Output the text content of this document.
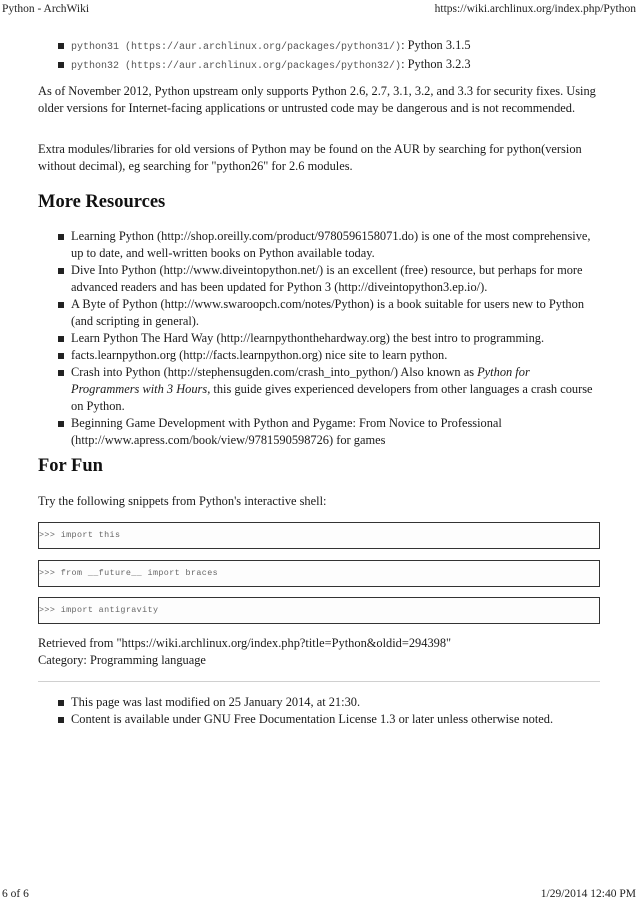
Python - ArchWiki	https://wiki.archlinux.org/index.php/Python
python31 (https://aur.archlinux.org/packages/python31/): Python 3.1.5
python32 (https://aur.archlinux.org/packages/python32/): Python 3.2.3

As of November 2012, Python upstream only supports Python 2.6, 2.7, 3.1, 3.2, and 3.3 for security fixes. Using older versions for Internet-facing applications or untrusted code may be dangerous and is not recommended.

Extra modules/libraries for old versions of Python may be found on the AUR by searching for python(version without decimal), eg searching for "python26" for 2.6 modules.

More Resources
Learning Python (http://shop.oreilly.com/product/9780596158071.do) is one of the most comprehensive, up to date, and well-written books on Python available today.
Dive Into Python (http://www.diveintopython.net/) is an excellent (free) resource, but perhaps for more advanced readers and has been updated for Python 3 (http://diveintopython3.ep.io/).
A Byte of Python (http://www.swaroopch.com/notes/Python) is a book suitable for users new to Python (and scripting in general).
Learn Python The Hard Way (http://learnpythonthehardway.org) the best intro to programming.
facts.learnpython.org (http://facts.learnpython.org) nice site to learn python.
Crash into Python (http://stephensugden.com/crash_into_python/) Also known as Python for Programmers with 3 Hours, this guide gives experienced developers from other languages a crash course on Python.
Beginning Game Development with Python and Pygame: From Novice to Professional (http://www.apress.com/book/view/9781590598726) for games
For Fun

Try the following snippets from Python's interactive shell:

>>> import this
>>> from __future__ import braces
>>> import antigravity

Retrieved from "https://wiki.archlinux.org/index.php?title=Python&oldid=294398"

Category: Programming language

This page was last modified on 25 January 2014, at 21:30.
Content is available under GNU Free Documentation License 1.3 or later unless otherwise noted.
6 of 6	1/29/2014 12:40 PM
